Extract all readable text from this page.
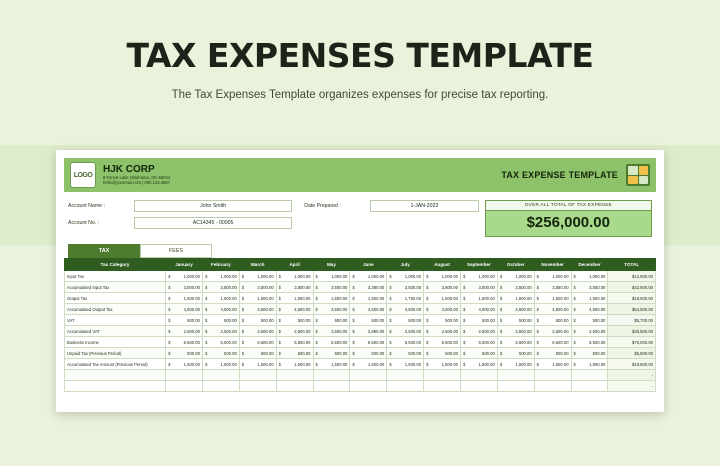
TAX EXPENSES TEMPLATE
The Tax Expenses Template organizes expenses for precise tax reporting.
LOGO HJK CORP
8 Forest Lake Oklahoma, OK 68234
hello@yourmail.com | 000.123.4567
TAX EXPENSE TEMPLATE
Account Name :	John Smith
Account No. :	AC14345 - 00005
Date Prepared :	1-JAN-2023	OVER ALL TOTAL OF TAX EXPENSE
$256,000.00
TAX	FEES
Tax Category	January	February	March	April	May	June	July	August	September	October	November	December	TOTAL
Input Tax	$ 1,000.00	$ 1,000.00	$ 1,000.00	$ 1,000.00	$ 1,000.00	$ 1,000.00	$ 1,000.00	$ 1,000.00	$ 1,000.00	$ 1,000.00	$ 1,000.00	$ 1,000.00	$12,500.00
Accumulated Input Tax	$ 3,500.00	$ 3,800.00	$ 3,500.00	$ 3,800.00	$ 3,500.00	$ 3,380.00	$ 3,500.00	$ 3,800.00	$ 3,500.00	$ 3,500.00	$ 3,580.00	$ 3,500.00	$42,500.00
Output Tax	$ 1,500.00	$ 1,500.00	$ 1,500.00	$ 1,500.00	$ 1,500.00	$ 1,500.00	$ 1,750.00	$ 1,500.00	$ 1,500.00	$ 1,500.00	$ 1,500.00	$ 1,500.00	$18,500.00
Accumulated Output Tax	$ 4,500.00	$ 4,500.00	$ 4,500.00	$ 4,500.00	$ 4,500.00	$ 4,500.00	$ 4,500.00	$ 4,500.00	$ 4,500.00	$ 4,500.00	$ 4,500.00	$ 4,500.00	$54,500.00
VAT	$ 500.00	$ 500.00	$ 500.00	$ 500.00	$ 500.00	$ 500.00	$ 500.00	$ 500.00	$ 500.00	$ 500.00	$ 500.00	$ 500.00	$5,700.00
Accumulated VAT	$ 2,500.00	$ 2,500.00	$ 2,500.00	$ 2,500.00	$ 2,500.00	$ 2,880.00	$ 2,500.00	$ 2,500.00	$ 2,500.00	$ 2,500.00	$ 2,500.00	$ 2,500.00	$30,500.00
Business Income	$ 6,500.00	$ 6,500.00	$ 6,500.00	$ 6,500.00	$ 6,500.00	$ 6,500.00	$ 6,500.00	$ 6,500.00	$ 6,500.00	$ 6,500.00	$ 6,500.00	$ 6,500.00	$76,000.00
Unpaid Tax (Previous Period)	$ 500.00	$ 500.00	$ 500.00	$ 500.00	$ 500.00	$ 500.00	$ 500.00	$ 500.00	$ 500.00	$ 500.00	$ 500.00	$ 500.00	$5,600.00
Accumulated Tax Amount (Previous Period)	$ 1,500.00	$ 1,500.00	$ 1,500.00	$ 1,500.00	$ 1,500.00	$ 1,500.00	$ 1,500.00	$ 1,500.00	$ 1,500.00	$ 1,500.00	$ 1,500.00	$ 1,800.00	$18,600.00
													-
													-
